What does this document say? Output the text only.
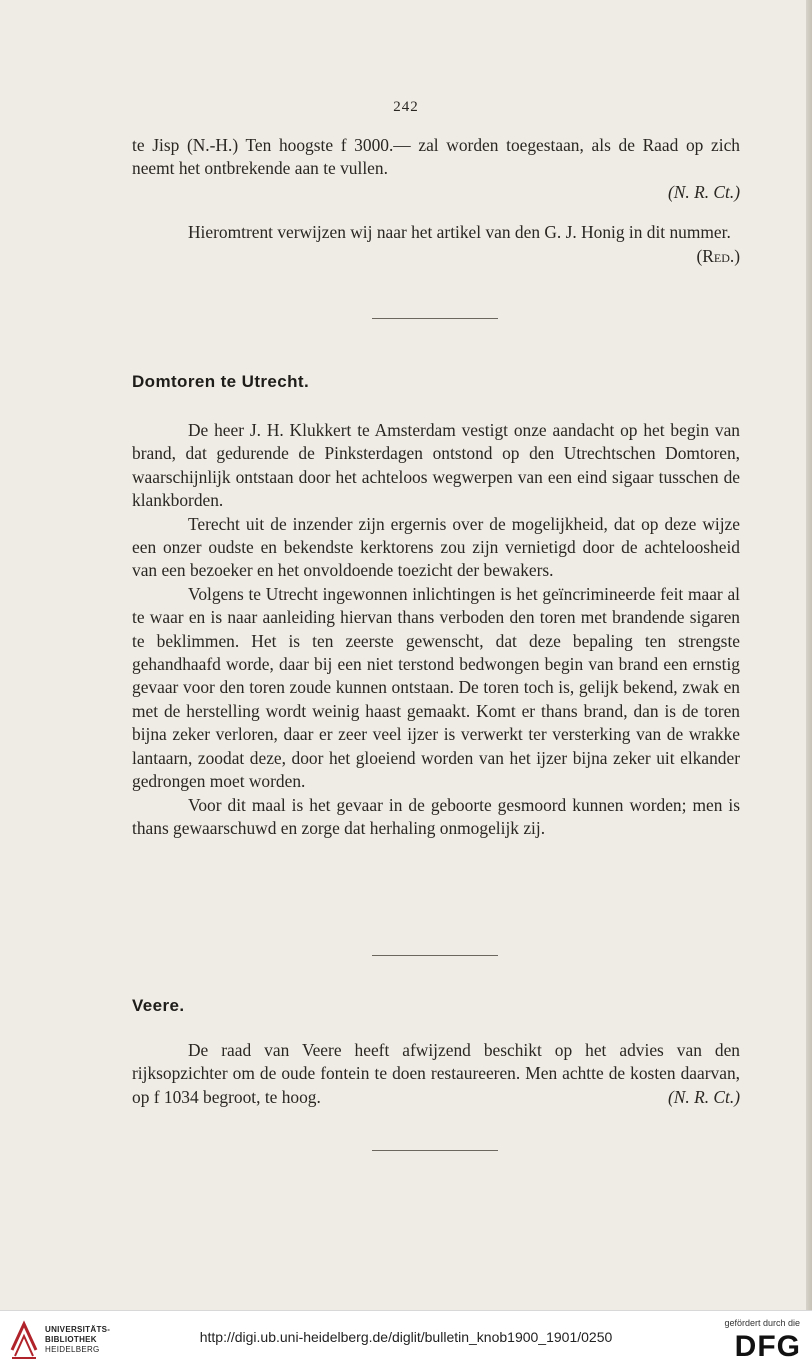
242

te Jisp (N.-H.) Ten hoogste f 3000.— zal worden toegestaan, als de Raad op zich neemt het ontbrekende aan te vullen.

(N. R. Ct.)

Hieromtrent verwijzen wij naar het artikel van den G. J. Honig in dit nummer.
(Red.)

Domtoren te Utrecht.

De heer J. H. Klukkert te Amsterdam vestigt onze aandacht op het begin van brand, dat gedurende de Pinksterdagen ontstond op den Utrechtschen Domtoren, waarschijnlijk ontstaan door het achteloos wegwerpen van een eind sigaar tusschen de klankborden.

Terecht uit de inzender zijn ergernis over de mogelijkheid, dat op deze wijze een onzer oudste en bekendste kerktorens zou zijn vernietigd door de achteloosheid van een bezoeker en het onvoldoende toezicht der bewakers.

Volgens te Utrecht ingewonnen inlichtingen is het geïncrimineerde feit maar al te waar en is naar aanleiding hiervan thans verboden den toren met brandende sigaren te beklimmen. Het is ten zeerste gewenscht, dat deze bepaling ten strengste gehandhaafd worde, daar bij een niet terstond bedwongen begin van brand een ernstig gevaar voor den toren zoude kunnen ontstaan. De toren toch is, gelijk bekend, zwak en met de herstelling wordt weinig haast gemaakt. Komt er thans brand, dan is de toren bijna zeker verloren, daar er zeer veel ijzer is verwerkt ter versterking van de wrakke lantaarn, zoodat deze, door het gloeiend worden van het ijzer bijna zeker uit elkander gedrongen moet worden.

Voor dit maal is het gevaar in de geboorte gesmoord kunnen worden; men is thans gewaarschuwd en zorge dat herhaling onmogelijk zij.

Veere.

De raad van Veere heeft afwijzend beschikt op het advies van den rijksopzichter om de oude fontein te doen restaureeren. Men achtte de kosten daarvan, op f 1034 begroot, te hoog.	(N. R. Ct.)

UNIVERSITÄTS-
BIBLIOTHEK
HEIDELBERG
http://digi.ub.uni-heidelberg.de/diglit/bulletin_knob1900_1901/0250
gefördert durch die
DFG
